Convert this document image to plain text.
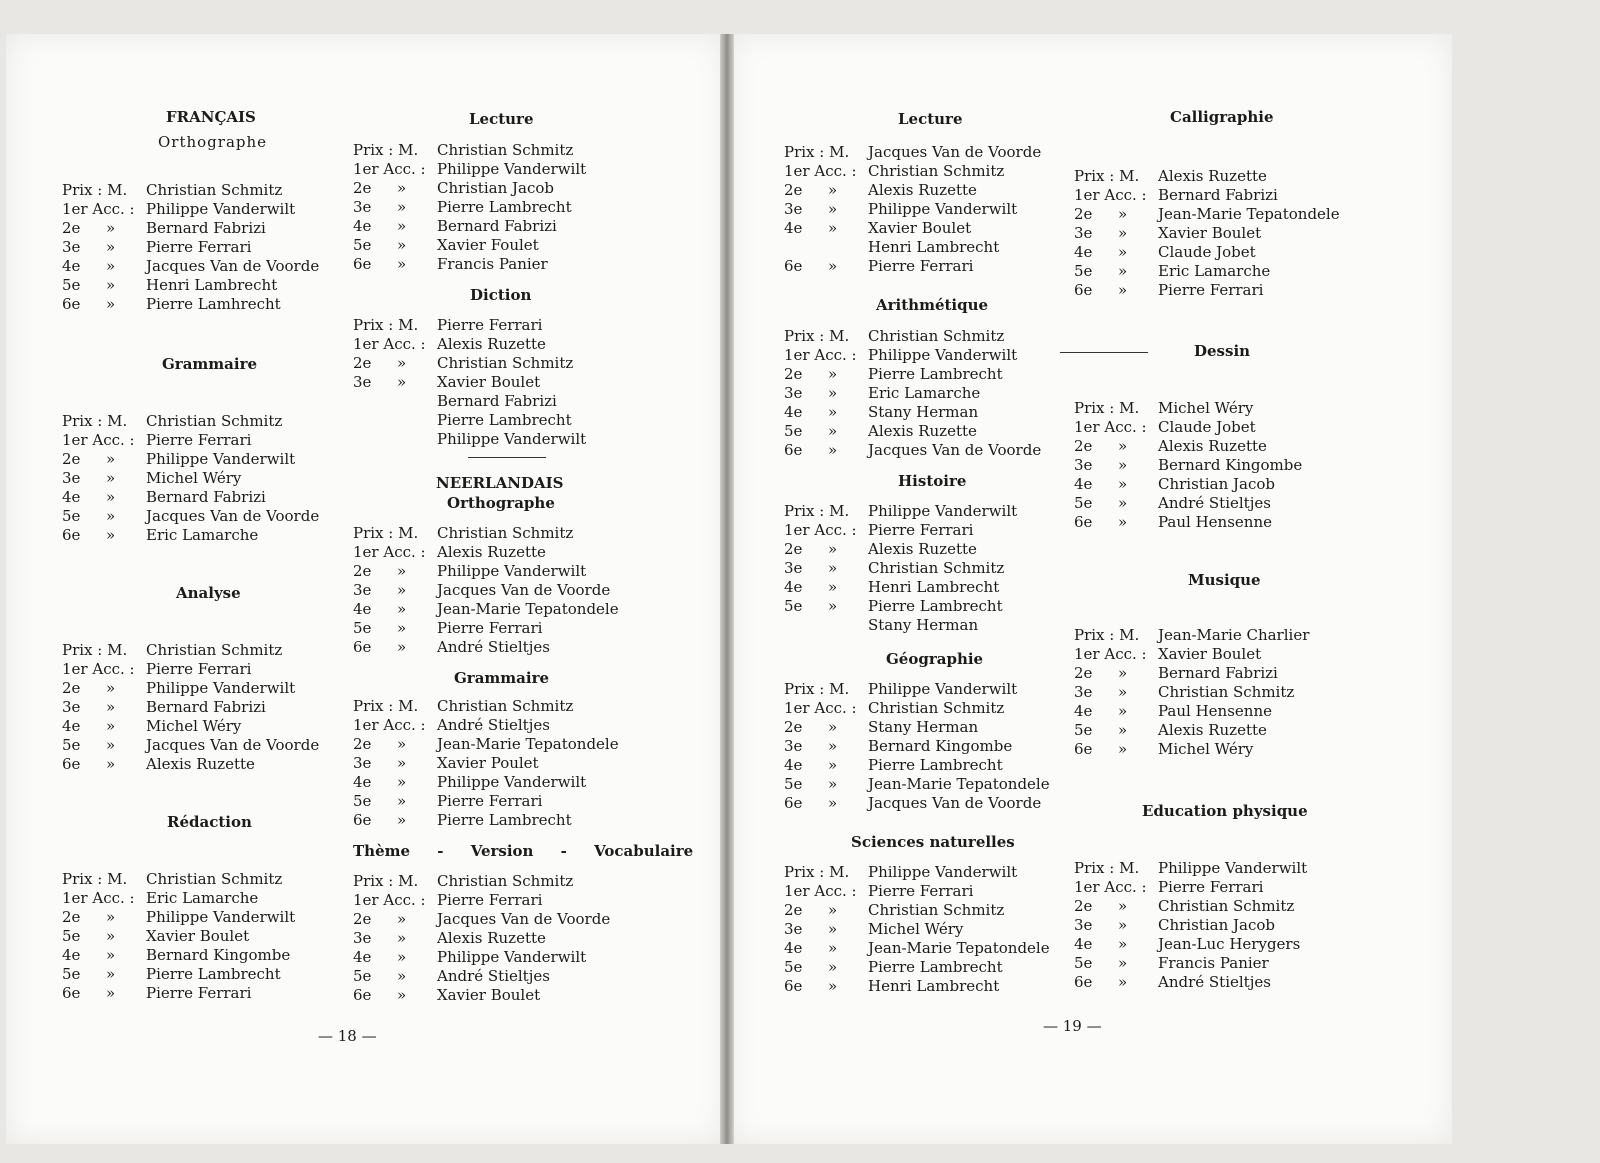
FRANÇAIS
Orthographe
Prix : M. Christian Schmitz
1er Acc. : Philippe Vanderwilt
2e » Bernard Fabrizi
3e » Pierre Ferrari
4e » Jacques Van de Voorde
5e » Henri Lambrecht
6e » Pierre Lamhrecht
Grammaire
Prix : M. Christian Schmitz
1er Acc. : Pierre Ferrari
2e » Philippe Vanderwilt
3e » Michel Wéry
4e » Bernard Fabrizi
5e » Jacques Van de Voorde
6e » Eric Lamarche
Analyse
Prix : M. Christian Schmitz
1er Acc. : Pierre Ferrari
2e » Philippe Vanderwilt
3e » Bernard Fabrizi
4e » Michel Wéry
5e » Jacques Van de Voorde
6e » Alexis Ruzette
Rédaction
Prix : M. Christian Schmitz
1er Acc. : Eric Lamarche
2e » Philippe Vanderwilt
5e » Xavier Boulet
4e » Bernard Kingombe
5e » Pierre Lambrecht
6e » Pierre Ferrari
Lecture
Prix : M. Christian Schmitz
1er Acc. : Philippe Vanderwilt
2e » Christian Jacob
3e » Pierre Lambrecht
4e » Bernard Fabrizi
5e » Xavier Foulet
6e » Francis Panier
Diction
Prix : M. Pierre Ferrari
1er Acc. : Alexis Ruzette
2e » Christian Schmitz
3e » Xavier Boulet
Bernard Fabrizi
Pierre Lambrecht
Philippe Vanderwilt
NEERLANDAIS
Orthographe
Prix : M. Christian Schmitz
1er Acc. : Alexis Ruzette
2e » Philippe Vanderwilt
3e » Jacques Van de Voorde
4e » Jean-Marie Tepatondele
5e » Pierre Ferrari
6e » André Stieltjes
Grammaire
Prix : M. Christian Schmitz
1er Acc. : André Stieltjes
2e » Jean-Marie Tepatondele
3e » Xavier Poulet
4e » Philippe Vanderwilt
5e » Pierre Ferrari
6e » Pierre Lambrecht
Thème - Version - Vocabulaire
Prix : M. Christian Schmitz
1er Acc. : Pierre Ferrari
2e » Jacques Van de Voorde
3e » Alexis Ruzette
4e » Philippe Vanderwilt
5e » André Stieltjes
6e » Xavier Boulet
— 18 —
Lecture
Prix : M. Jacques Van de Voorde
1er Acc. : Christian Schmitz
2e » Alexis Ruzette
3e » Philippe Vanderwilt
4e » Xavier Boulet
Henri Lambrecht
6e » Pierre Ferrari
Arithmétique
Prix : M. Christian Schmitz
1er Acc. : Philippe Vanderwilt
2e » Pierre Lambrecht
3e » Eric Lamarche
4e » Stany Herman
5e » Alexis Ruzette
6e » Jacques Van de Voorde
Histoire
Prix : M. Philippe Vanderwilt
1er Acc. : Pierre Ferrari
2e » Alexis Ruzette
3e » Christian Schmitz
4e » Henri Lambrecht
5e » Pierre Lambrecht
Stany Herman
Géographie
Prix : M. Philippe Vanderwilt
1er Acc. : Christian Schmitz
2e » Stany Herman
3e » Bernard Kingombe
4e » Pierre Lambrecht
5e » Jean-Marie Tepatondele
6e » Jacques Van de Voorde
Sciences naturelles
Prix : M. Philippe Vanderwilt
1er Acc. : Pierre Ferrari
2e » Christian Schmitz
3e » Michel Wéry
4e » Jean-Marie Tepatondele
5e » Pierre Lambrecht
6e » Henri Lambrecht
Calligraphie
Prix : M. Alexis Ruzette
1er Acc. : Bernard Fabrizi
2e » Jean-Marie Tepatondele
3e » Xavier Boulet
4e » Claude Jobet
5e » Eric Lamarche
6e » Pierre Ferrari
Dessin
Prix : M. Michel Wéry
1er Acc. : Claude Jobet
2e » Alexis Ruzette
3e » Bernard Kingombe
4e » Christian Jacob
5e » André Stieltjes
6e » Paul Hensenne
Musique
Prix : M. Jean-Marie Charlier
1er Acc. : Xavier Boulet
2e » Bernard Fabrizi
3e » Christian Schmitz
4e » Paul Hensenne
5e » Alexis Ruzette
6e » Michel Wéry
Education physique
Prix : M. Philippe Vanderwilt
1er Acc. : Pierre Ferrari
2e » Christian Schmitz
3e » Christian Jacob
4e » Jean-Luc Herygers
5e » Francis Panier
6e » André Stieltjes
— 19 —
